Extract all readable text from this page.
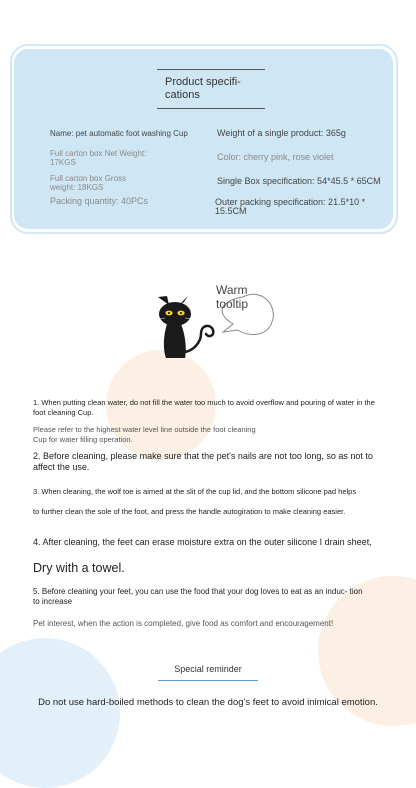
Product specifi- cations
Name: pet automatic foot washing Cup	Weight of a single product: 365g
Full carton box Net Weight: 17KGS
Color: cherry pink, rose violet
Full carton box Gross weight: 18KGS
Single Box specification: 54*45.5 * 65CM
Packing quantity: 40PCs	Outer packing specification: 21.5*10 * 15.5CM
Warm tooltip
1. When putting clean water, do not fill the water too much to avoid overflow and pouring of water in the foot cleaning Cup.
Please refer to the highest water level line outside the foot cleaning Cup for water filling operation.
2. Before cleaning, please make sure that the pet's nails are not too long, so as not to affect the use.
3. When cleaning, the wolf toe is aimed at the slit of the cup lid, and the bottom silicone pad helps
to further clean the sole of the foot, and press the handle autogiration to make cleaning easier.
4. After cleaning, the feet can erase moisture extra on the outer silicone I drain sheet,
Dry with a towel.
5. Before cleaning your feet, you can use the food that your dog loves to eat as an induc- tion to increase
Pet interest, when the action is completed, give food as comfort and encouragement!
Special reminder
Do not use hard-boiled methods to clean the dog's feet to avoid inimical emotion.
